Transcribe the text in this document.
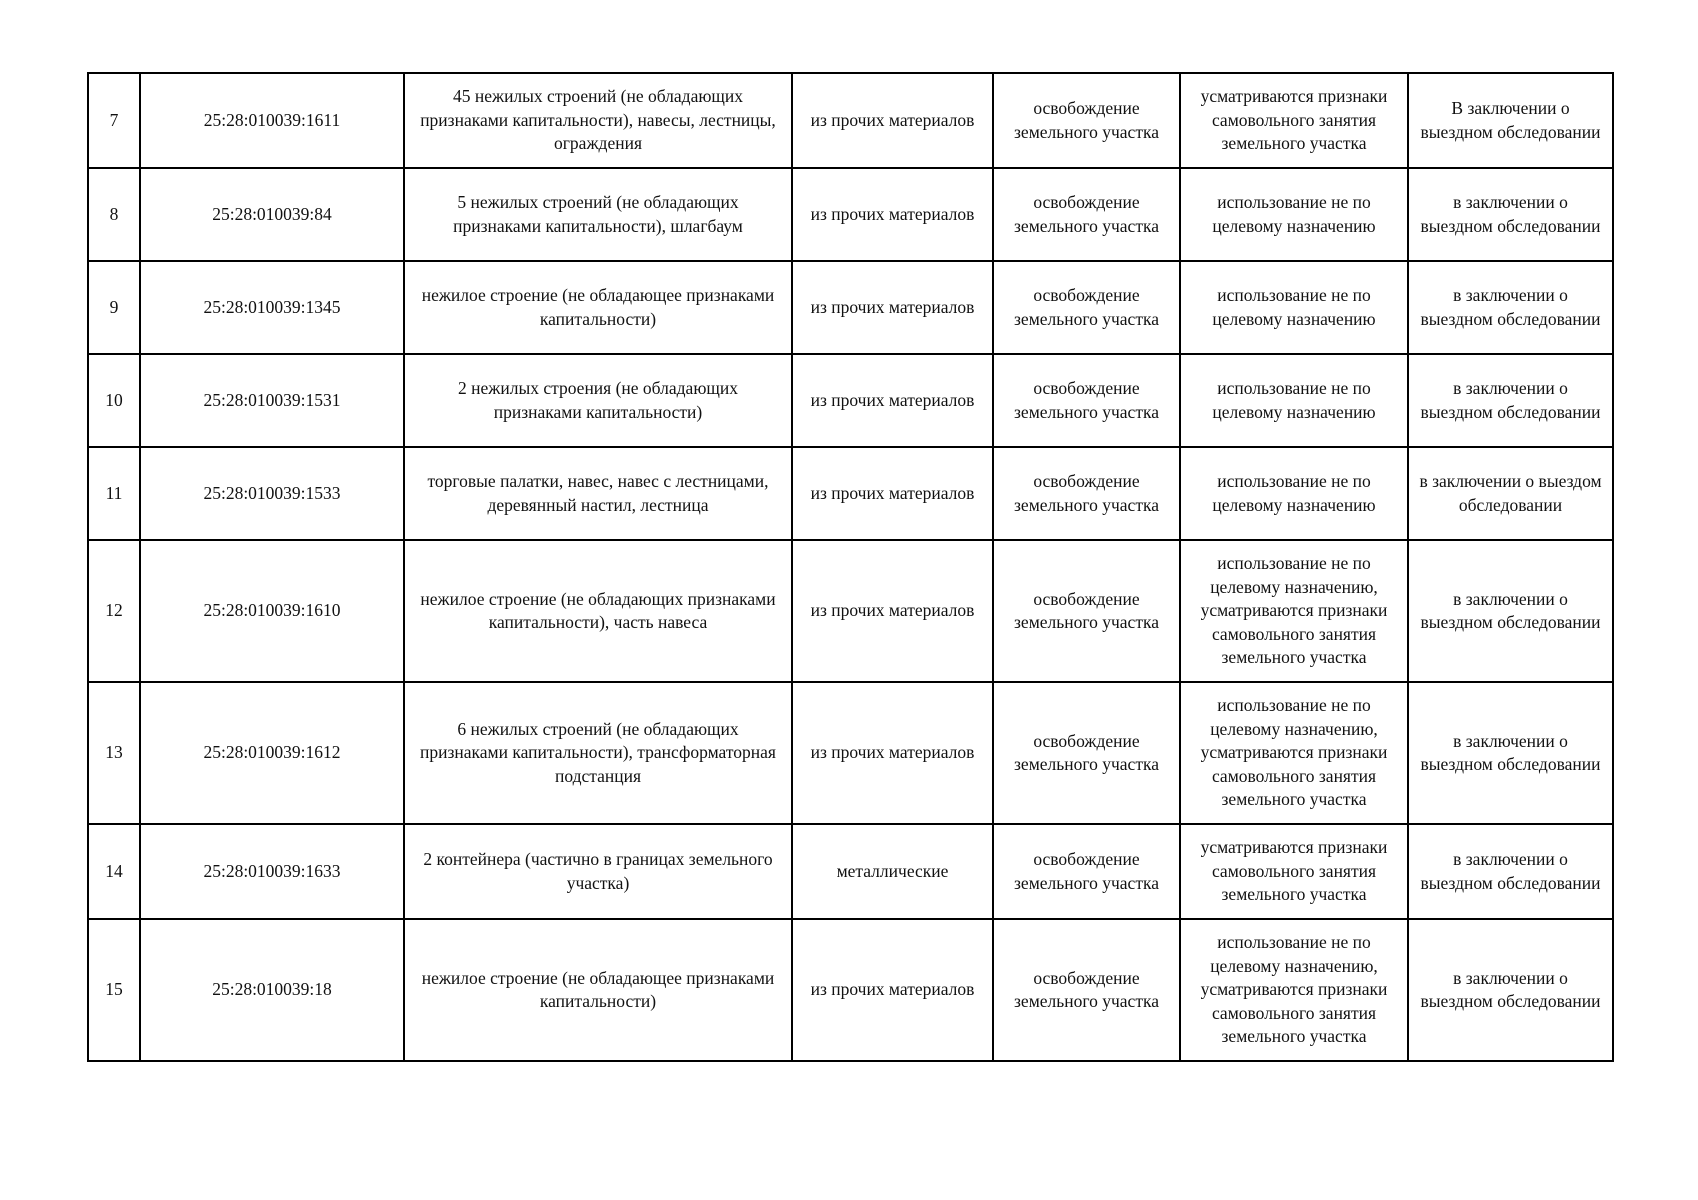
7	25:28:010039:1611	45 нежилых строений (не обладающих признаками капитальности), навесы, лестницы, ограждения	из прочих материалов	освобождение земельного участка	усматриваются признаки самовольного занятия земельного участка	В заключении о выездном обследовании
8	25:28:010039:84	5 нежилых строений (не обладающих признаками капитальности), шлагбаум	из прочих материалов	освобождение земельного участка	использование не по целевому назначению	в заключении о выездном обследовании
9	25:28:010039:1345	нежилое строение (не обладающее признаками капитальности)	из прочих материалов	освобождение земельного участка	использование не по целевому назначению	в заключении о выездном обследовании
10	25:28:010039:1531	2 нежилых строения (не обладающих признаками капитальности)	из прочих материалов	освобождение земельного участка	использование не по целевому назначению	в заключении о выездном обследовании
11	25:28:010039:1533	торговые палатки, навес, навес с лестницами, деревянный настил, лестница	из прочих материалов	освобождение земельного участка	использование не по целевому назначению	в заключении о выездом обследовании
12	25:28:010039:1610	нежилое строение (не обладающих признаками капитальности), часть навеса	из прочих материалов	освобождение земельного участка	использование не по целевому назначению, усматриваются признаки самовольного занятия земельного участка	в заключении о выездном обследовании
13	25:28:010039:1612	6 нежилых строений (не обладающих признаками капитальности), трансформаторная подстанция	из прочих материалов	освобождение земельного участка	использование не по целевому назначению, усматриваются признаки самовольного занятия земельного участка	в заключении о выездном обследовании
14	25:28:010039:1633	2 контейнера (частично в границах земельного участка)	металлические	освобождение земельного участка	усматриваются признаки самовольного занятия земельного участка	в заключении о выездном обследовании
15	25:28:010039:18	нежилое строение (не обладающее признаками капитальности)	из прочих материалов	освобождение земельного участка	использование не по целевому назначению, усматриваются признаки самовольного занятия земельного участка	в заключении о выездном обследовании
